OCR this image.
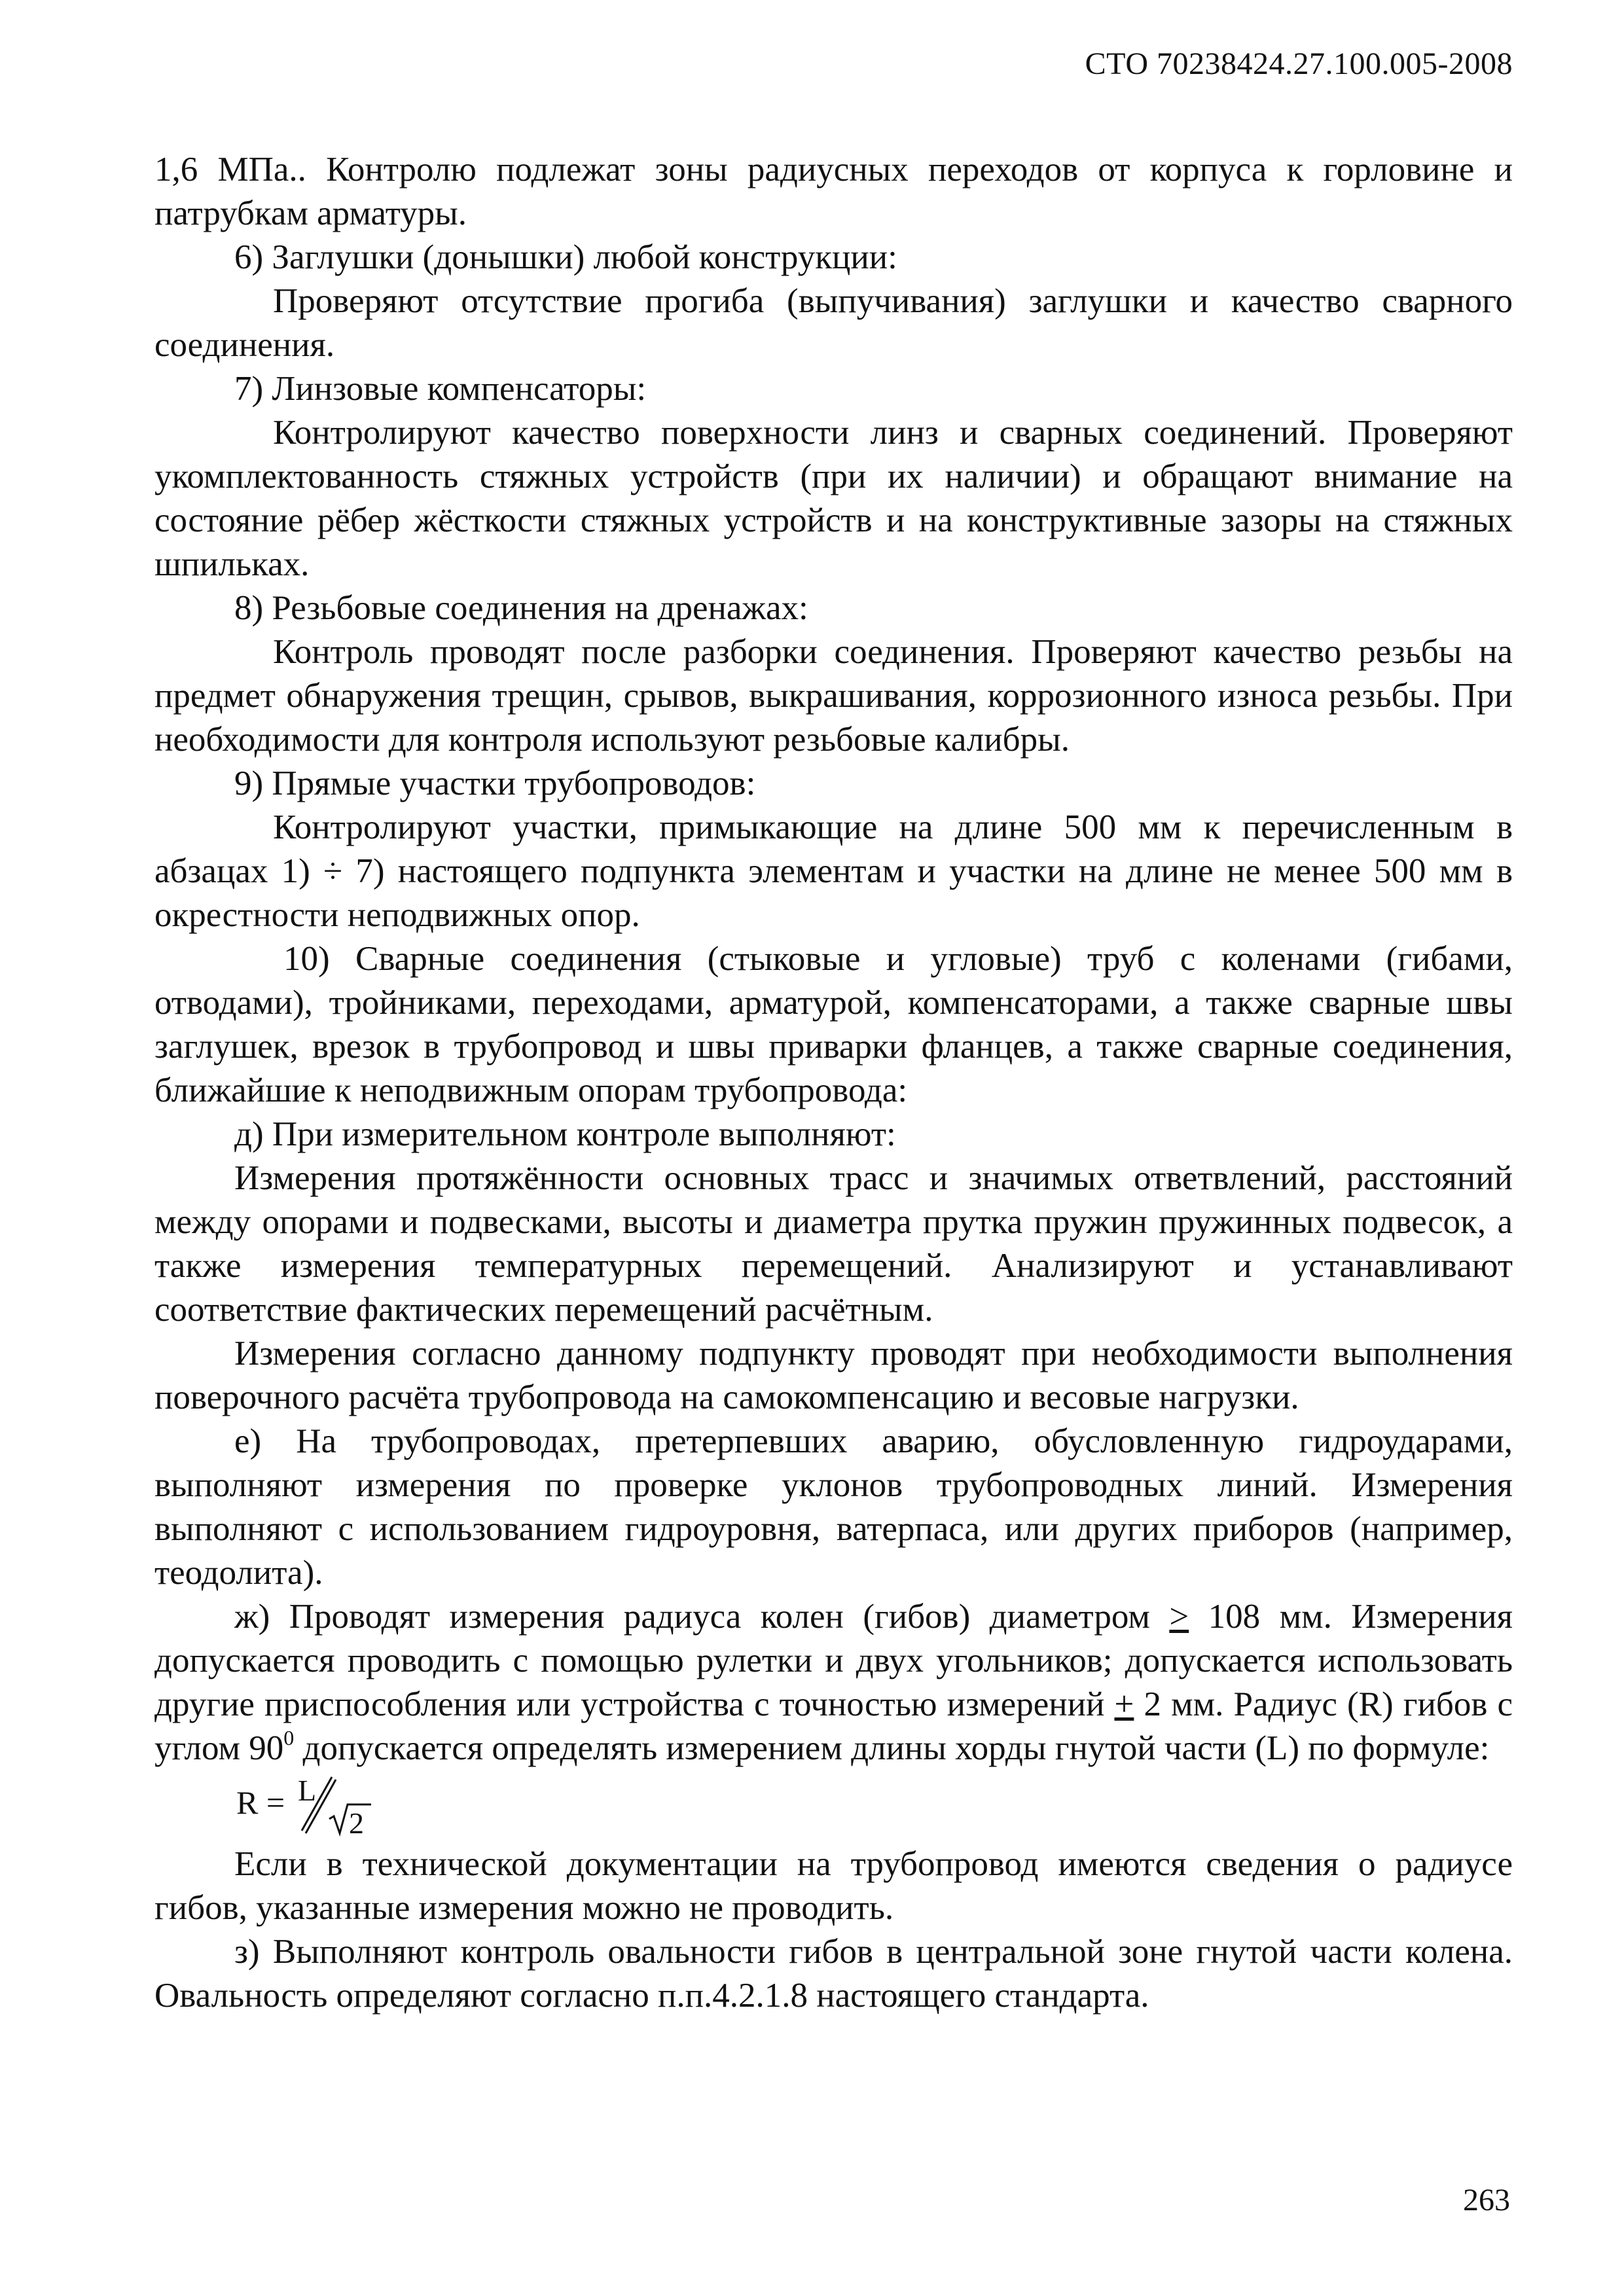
СТО 70238424.27.100.005-2008

1,6 МПа.. Контролю подлежат зоны радиусных переходов от корпуса к горловине и патрубкам арматуры.

6) Заглушки (донышки) любой конструкции:

Проверяют отсутствие прогиба (выпучивания) заглушки и качество сварного соединения.

7) Линзовые компенсаторы:

Контролируют качество поверхности линз и сварных соединений. Проверяют укомплектованность стяжных устройств (при их наличии) и обращают внимание на состояние рёбер жёсткости стяжных устройств и на конструктивные зазоры на стяжных шпильках.

8) Резьбовые соединения на дренажах:

Контроль проводят после разборки соединения. Проверяют качество резьбы на предмет обнаружения трещин, срывов, выкрашивания, коррозионного износа резьбы. При необходимости для контроля используют резьбовые калибры.

9) Прямые участки трубопроводов:

Контролируют участки, примыкающие на длине 500 мм к перечисленным в абзацах 1) ÷ 7) настоящего подпункта элементам и участки на длине не менее 500 мм в окрестности неподвижных опор.

10) Сварные соединения (стыковые и угловые) труб с коленами (гибами, отводами), тройниками, переходами, арматурой, компенсаторами, а также сварные швы заглушек, врезок в трубопровод и швы приварки фланцев, а также сварные соединения, ближайшие к неподвижным опорам трубопровода:

д) При измерительном контроле выполняют:

Измерения протяжённости основных трасс и значимых ответвлений, расстояний между опорами и подвесками, высоты и диаметра прутка пружин пружинных подвесок, а также измерения температурных перемещений. Анализируют и устанавливают соответствие фактических перемещений расчётным.

Измерения согласно данному подпункту проводят при необходимости выполнения поверочного расчёта трубопровода на самокомпенсацию и весовые нагрузки.

е) На трубопроводах, претерпевших аварию, обусловленную гидроударами, выполняют измерения по проверке уклонов трубопроводных линий. Измерения выполняют с использованием гидроуровня, ватерпаса, или других приборов (например, теодолита).

ж) Проводят измерения радиуса колен (гибов) диаметром ≥ 108 мм. Измерения допускается проводить с помощью рулетки и двух угольников; допускается использовать другие приспособления или устройства с точностью измерений + 2 мм. Радиус (R) гибов с углом $90^0$ допускается определять измерением длины хорды гнутой части (L) по формуле:

R = L
2

Если в технической документации на трубопровод имеются сведения о радиусе гибов, указанные измерения можно не проводить.

з) Выполняют контроль овальности гибов в центральной зоне гнутой части колена. Овальность определяют согласно п.п.4.2.1.8 настоящего стандарта.

263
